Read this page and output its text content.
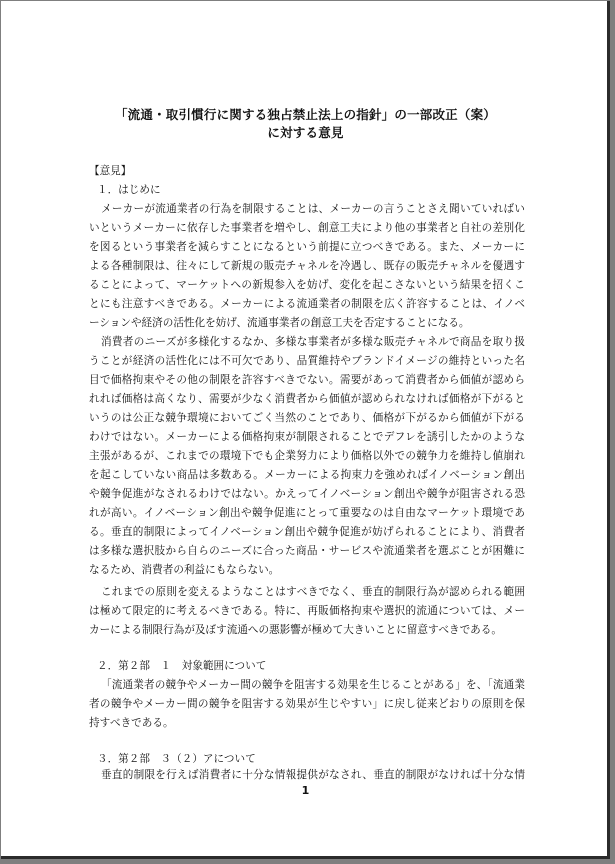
「流通・取引慣行に関する独占禁止法上の指針」の一部改正（案）
に対する意見
【意見】
１．はじめに
メーカーが流通業者の行為を制限することは、メーカーの言うことさえ聞いていればい
いというメーカーに依存した事業者を増やし、創意工夫により他の事業者と自社の差別化
を図るという事業者を減らすことになるという前提に立つべきである。また、メーカーに
よる各種制限は、往々にして新規の販売チャネルを冷遇し、既存の販売チャネルを優遇す
ることによって、マーケットへの新規参入を妨げ、変化を起こさないという結果を招くこ
とにも注意すべきである。メーカーによる流通業者の制限を広く許容することは、イノベ
ーションや経済の活性化を妨げ、流通事業者の創意工夫を否定することになる。
消費者のニーズが多様化するなか、多様な事業者が多様な販売チャネルで商品を取り扱
うことが経済の活性化には不可欠であり、品質維持やブランドイメージの維持といった名
目で価格拘束やその他の制限を許容すべきでない。需要があって消費者から価値が認めら
れれば価格は高くなり、需要が少なく消費者から価値が認められなければ価格が下がると
いうのは公正な競争環境においてごく当然のことであり、価格が下がるから価値が下がる
わけではない。メーカーによる価格拘束が制限されることでデフレを誘引したかのような
主張があるが、これまでの環境下でも企業努力により価格以外での競争力を維持し値崩れ
を起こしていない商品は多数ある。メーカーによる拘束力を強めればイノベーション創出
や競争促進がなされるわけではない。かえってイノベーション創出や競争が阻害される恐
れが高い。イノベーション創出や競争促進にとって重要なのは自由なマーケット環境であ
る。垂直的制限によってイノベーション創出や競争促進が妨げられることにより、消費者
は多様な選択肢から自らのニーズに合った商品・サービスや流通業者を選ぶことが困難に
なるため、消費者の利益にもならない。
これまでの原則を変えるようなことはすべきでなく、垂直的制限行為が認められる範囲
は極めて限定的に考えるべきである。特に、再販価格拘束や選択的流通については、メー
カーによる制限行為が及ぼす流通への悪影響が極めて大きいことに留意すべきである。
２．第２部　１　対象範囲について
「流通業者の競争やメーカー間の競争を阻害する効果を生じることがある」を、「流通業
者の競争やメーカー間の競争を阻害する効果が生じやすい」に戻し従来どおりの原則を保
持すべきである。
３．第２部　３（２）アについて
垂直的制限を行えば消費者に十分な情報提供がなされ、垂直的制限がなければ十分な情
1
